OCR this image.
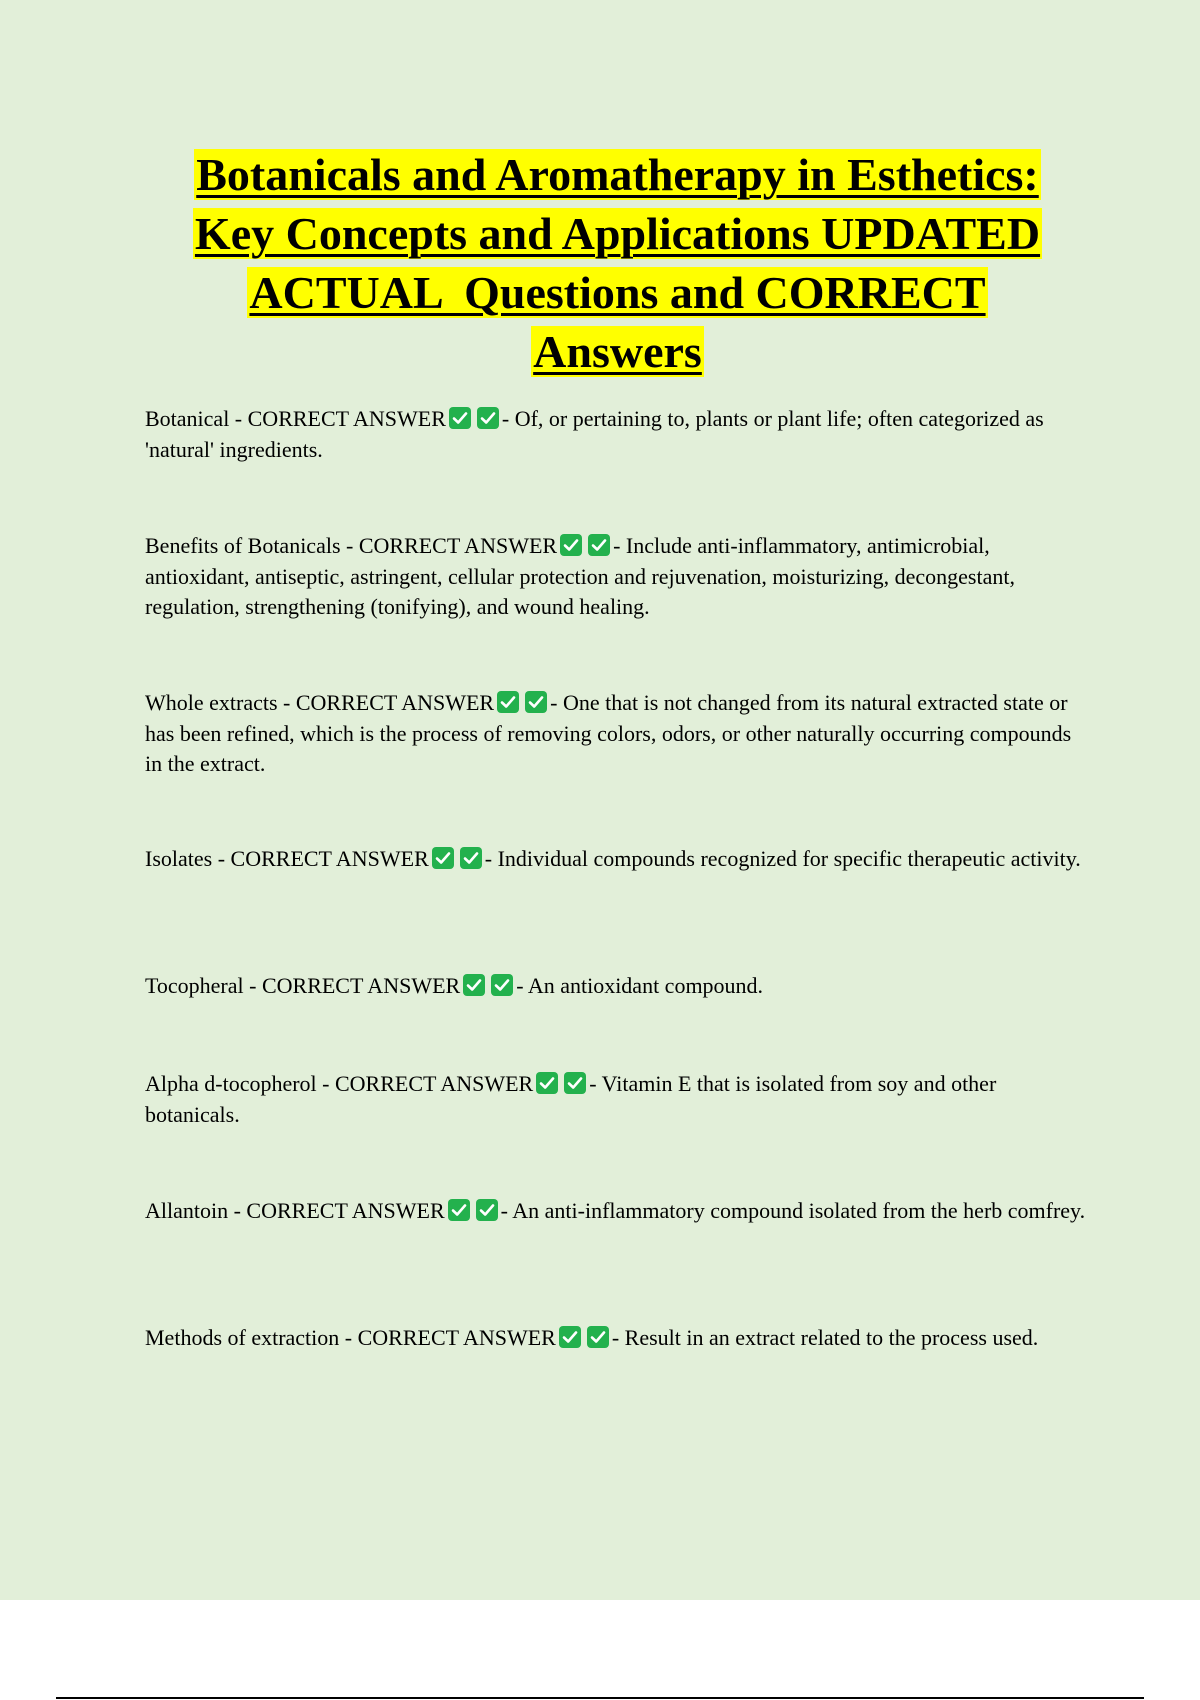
Botanicals and Aromatherapy in Esthetics:
Key Concepts and Applications UPDATED
ACTUAL  Questions and CORRECT
Answers

Botanical - CORRECT ANSWER	- Of, or pertaining to, plants or plant life; often categorized as 'natural' ingredients.

Benefits of Botanicals - CORRECT ANSWER	- Include anti-inflammatory, antimicrobial, antioxidant, antiseptic, astringent, cellular protection and rejuvenation, moisturizing, decongestant, regulation, strengthening (tonifying), and wound healing.

Whole extracts - CORRECT ANSWER	- One that is not changed from its natural extracted state or has been refined, which is the process of removing colors, odors, or other naturally occurring compounds in the extract.

Isolates - CORRECT ANSWER	- Individual compounds recognized for specific therapeutic activity.

Tocopheral - CORRECT ANSWER	- An antioxidant compound.

Alpha d-tocopherol - CORRECT ANSWER	- Vitamin E that is isolated from soy and other botanicals.

Allantoin - CORRECT ANSWER	- An anti-inflammatory compound isolated from the herb comfrey.

Methods of extraction - CORRECT ANSWER	- Result in an extract related to the process used.
